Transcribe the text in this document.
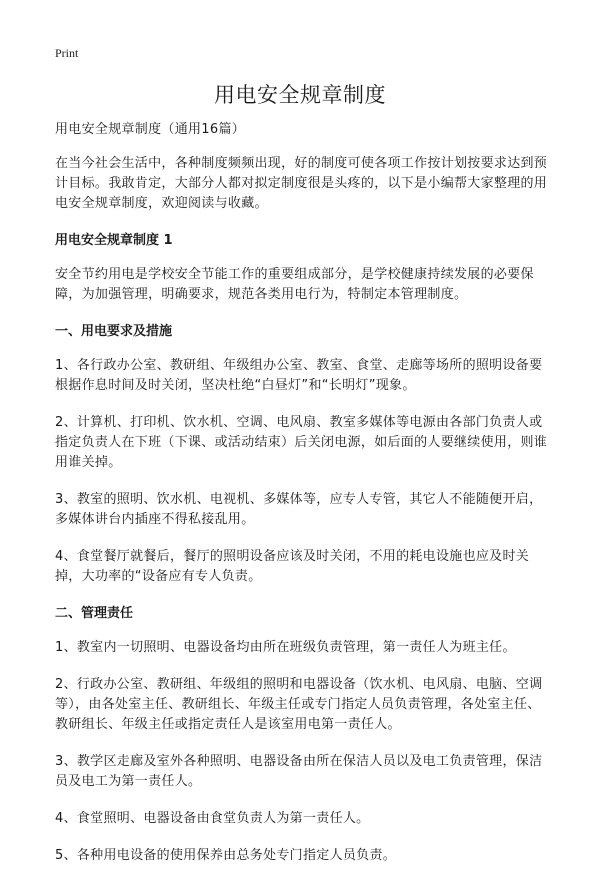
Print
用电安全规章制度
用电安全规章制度（通用16篇）
在当今社会生活中，各种制度频频出现，好的制度可使各项工作按计划按要求达到预计目标。我敢肯定，大部分人都对拟定制度很是头疼的，以下是小编帮大家整理的用电安全规章制度，欢迎阅读与收藏。
用电安全规章制度 1
安全节约用电是学校安全节能工作的重要组成部分，是学校健康持续发展的必要保障，为加强管理，明确要求，规范各类用电行为，特制定本管理制度。
一、用电要求及措施
1、各行政办公室、教研组、年级组办公室、教室、食堂、走廊等场所的照明设备要根据作息时间及时关闭，坚决杜绝“白昼灯”和“长明灯”现象。
2、计算机、打印机、饮水机、空调、电风扇、教室多媒体等电源由各部门负责人或指定负责人在下班（下课、或活动结束）后关闭电源，如后面的人要继续使用，则谁用谁关掉。
3、教室的照明、饮水机、电视机、多媒体等，应专人专管，其它人不能随便开启，多媒体讲台内插座不得私接乱用。
4、食堂餐厅就餐后，餐厅的照明设备应该及时关闭，不用的耗电设施也应及时关掉，大功率的“设备应有专人负责。
二、管理责任
1、教室内一切照明、电器设备均由所在班级负责管理，第一责任人为班主任。
2、行政办公室、教研组、年级组的照明和电器设备（饮水机、电风扇、电脑、空调等），由各处室主任、教研组长、年级主任或专门指定人员负责管理，各处室主任、教研组长、年级主任或指定责任人是该室用电第一责任人。
3、教学区走廊及室外各种照明、电器设备由所在保洁人员以及电工负责管理，保洁员及电工为第一责任人。
4、食堂照明、电器设备由食堂负责人为第一责任人。
5、各种用电设备的使用保养由总务处专门指定人员负责。
